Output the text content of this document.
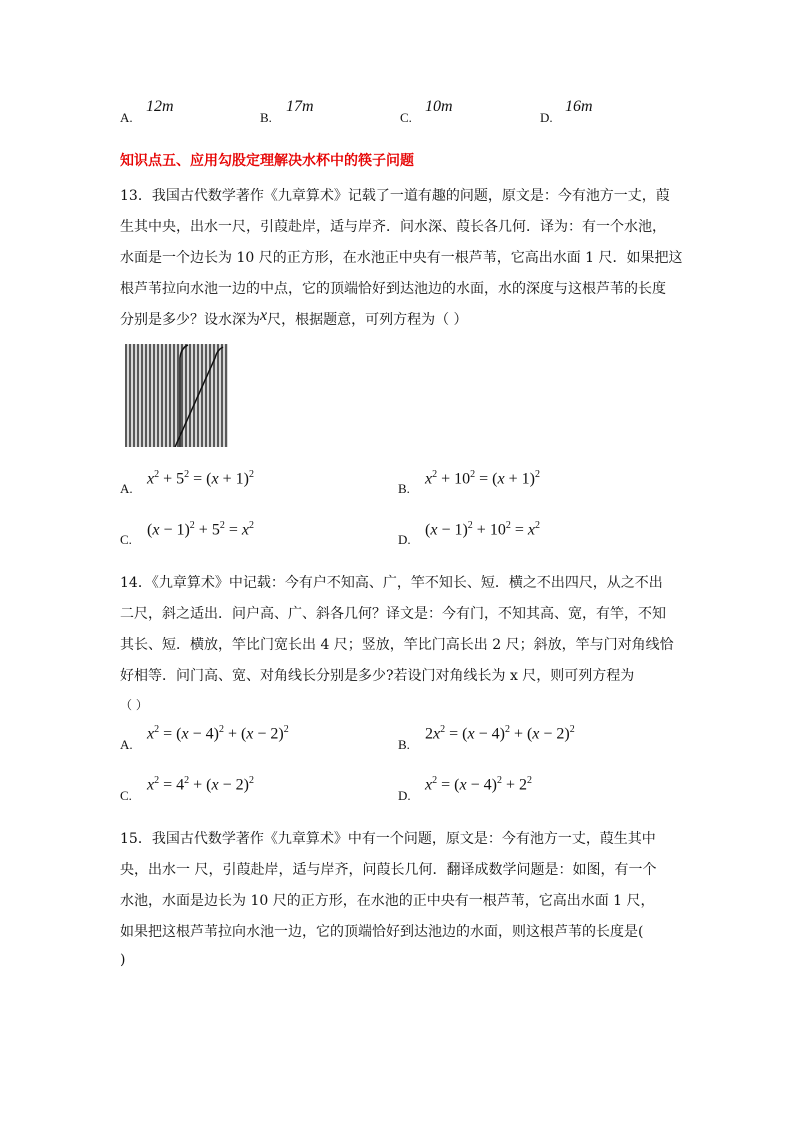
A.
12m
B.
17m
C.
10m
D.
16m
知识点五、应用勾股定理解决水杯中的筷子问题
13．我国古代数学著作《九章算术》记载了一道有趣的问题，原文是：今有池方一丈，葭
生其中央，出水一尺，引葭赴岸，适与岸齐．问水深、葭长各几何．译为：有一个水池，
水面是一个边长为 10 尺的正方形，在水池正中央有一根芦苇，它高出水面 1 尺．如果把这
根芦苇拉向水池一边的中点，它的顶端恰好到达池边的水面，水的深度与这根芦苇的长度
分别是多少？设水深为x尺，根据题意，可列方程为（ ）
A.
$x^2 + 5^2 = (x + 1)^2$
B.
$x^2 + 10^2 = (x + 1)^2$
C.
$(x - 1)^2 + 5^2 = x^2$
D.
$(x - 1)^2 + 10^2 = x^2$
14．《九章算术》中记载：今有户不知高、广，竿不知长、短．横之不出四尺，从之不出
二尺，斜之适出．问户高、广、斜各几何？译文是：今有门，不知其高、宽，有竿，不知
其长、短．横放，竿比门宽长出 4 尺；竖放，竿比门高长出 2 尺；斜放，竿与门对角线恰
好相等．问门高、宽、对角线长分别是多少?若设门对角线长为 x 尺，则可列方程为
（ ）
A.
$x^2 = (x - 4)^2 + (x - 2)^2$
B.
$2x^2 = (x - 4)^2 + (x - 2)^2$
C.
$x^2 = 4^2 + (x - 2)^2$
D.
$x^2 = (x - 4)^2 + 2^2$
15．我国古代数学著作《九章算术》中有一个问题，原文是：今有池方一丈，葭生其中
央，出水一 尺，引葭赴岸，适与岸齐，问葭长几何．翻译成数学问题是：如图，有一个
水池，水面是边长为 10 尺的正方形，在水池的正中央有一根芦苇，它高出水面 1 尺，
如果把这根芦苇拉向水池一边，它的顶端恰好到达池边的水面，则这根芦苇的长度是(
)
